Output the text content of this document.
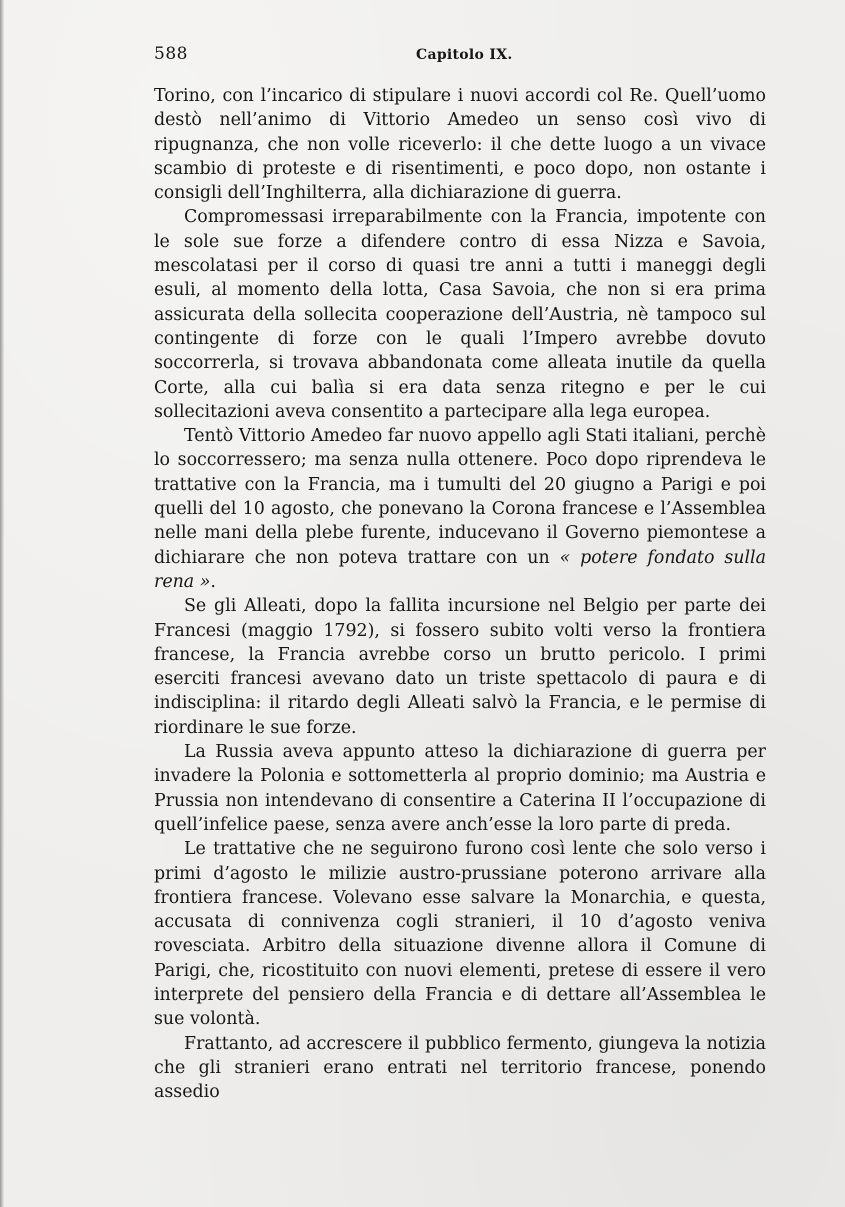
588	Capitolo IX.

Torino, con l’incarico di stipulare i nuovi accordi col Re. Quell’uomo destò nell’animo di Vittorio Amedeo un senso così vivo di ripugnanza, che non volle riceverlo: il che dette luogo a un vivace scambio di proteste e di risentimenti, e poco dopo, non ostante i consigli dell’Inghilterra, alla dichiarazione di guerra.

Compromessasi irreparabilmente con la Francia, impotente con le sole sue forze a difendere contro di essa Nizza e Savoia, mescolatasi per il corso di quasi tre anni a tutti i maneggi degli esuli, al momento della lotta, Casa Savoia, che non si era prima assicurata della sollecita cooperazione dell’Austria, nè tampoco sul contingente di forze con le quali l’Impero avrebbe dovuto soccorrerla, si trovava abbandonata come alleata inutile da quella Corte, alla cui balìa si era data senza ritegno e per le cui sollecitazioni aveva consentito a partecipare alla lega europea.

Tentò Vittorio Amedeo far nuovo appello agli Stati italiani, perchè lo soccorressero; ma senza nulla ottenere. Poco dopo riprendeva le trattative con la Francia, ma i tumulti del 20 giugno a Parigi e poi quelli del 10 agosto, che ponevano la Corona francese e l’Assemblea nelle mani della plebe furente, inducevano il Governo piemontese a dichiarare che non poteva trattare con un « potere fondato sulla rena ».

Se gli Alleati, dopo la fallita incursione nel Belgio per parte dei Francesi (maggio 1792), si fossero subito volti verso la frontiera francese, la Francia avrebbe corso un brutto pericolo. I primi eserciti francesi avevano dato un triste spettacolo di paura e di indisciplina: il ritardo degli Alleati salvò la Francia, e le permise di riordinare le sue forze.

La Russia aveva appunto atteso la dichiarazione di guerra per invadere la Polonia e sottometterla al proprio dominio; ma Austria e Prussia non intendevano di consentire a Caterina II l’occupazione di quell’infelice paese, senza avere anch’esse la loro parte di preda.

Le trattative che ne seguirono furono così lente che solo verso i primi d’agosto le milizie austro-prussiane poterono arrivare alla frontiera francese. Volevano esse salvare la Monarchia, e questa, accusata di connivenza cogli stranieri, il 10 d’agosto veniva rovesciata. Arbitro della situazione divenne allora il Comune di Parigi, che, ricostituito con nuovi elementi, pretese di essere il vero interprete del pensiero della Francia e di dettare all’Assemblea le sue volontà.

Frattanto, ad accrescere il pubblico fermento, giungeva la notizia che gli stranieri erano entrati nel territorio francese, ponendo assedio
